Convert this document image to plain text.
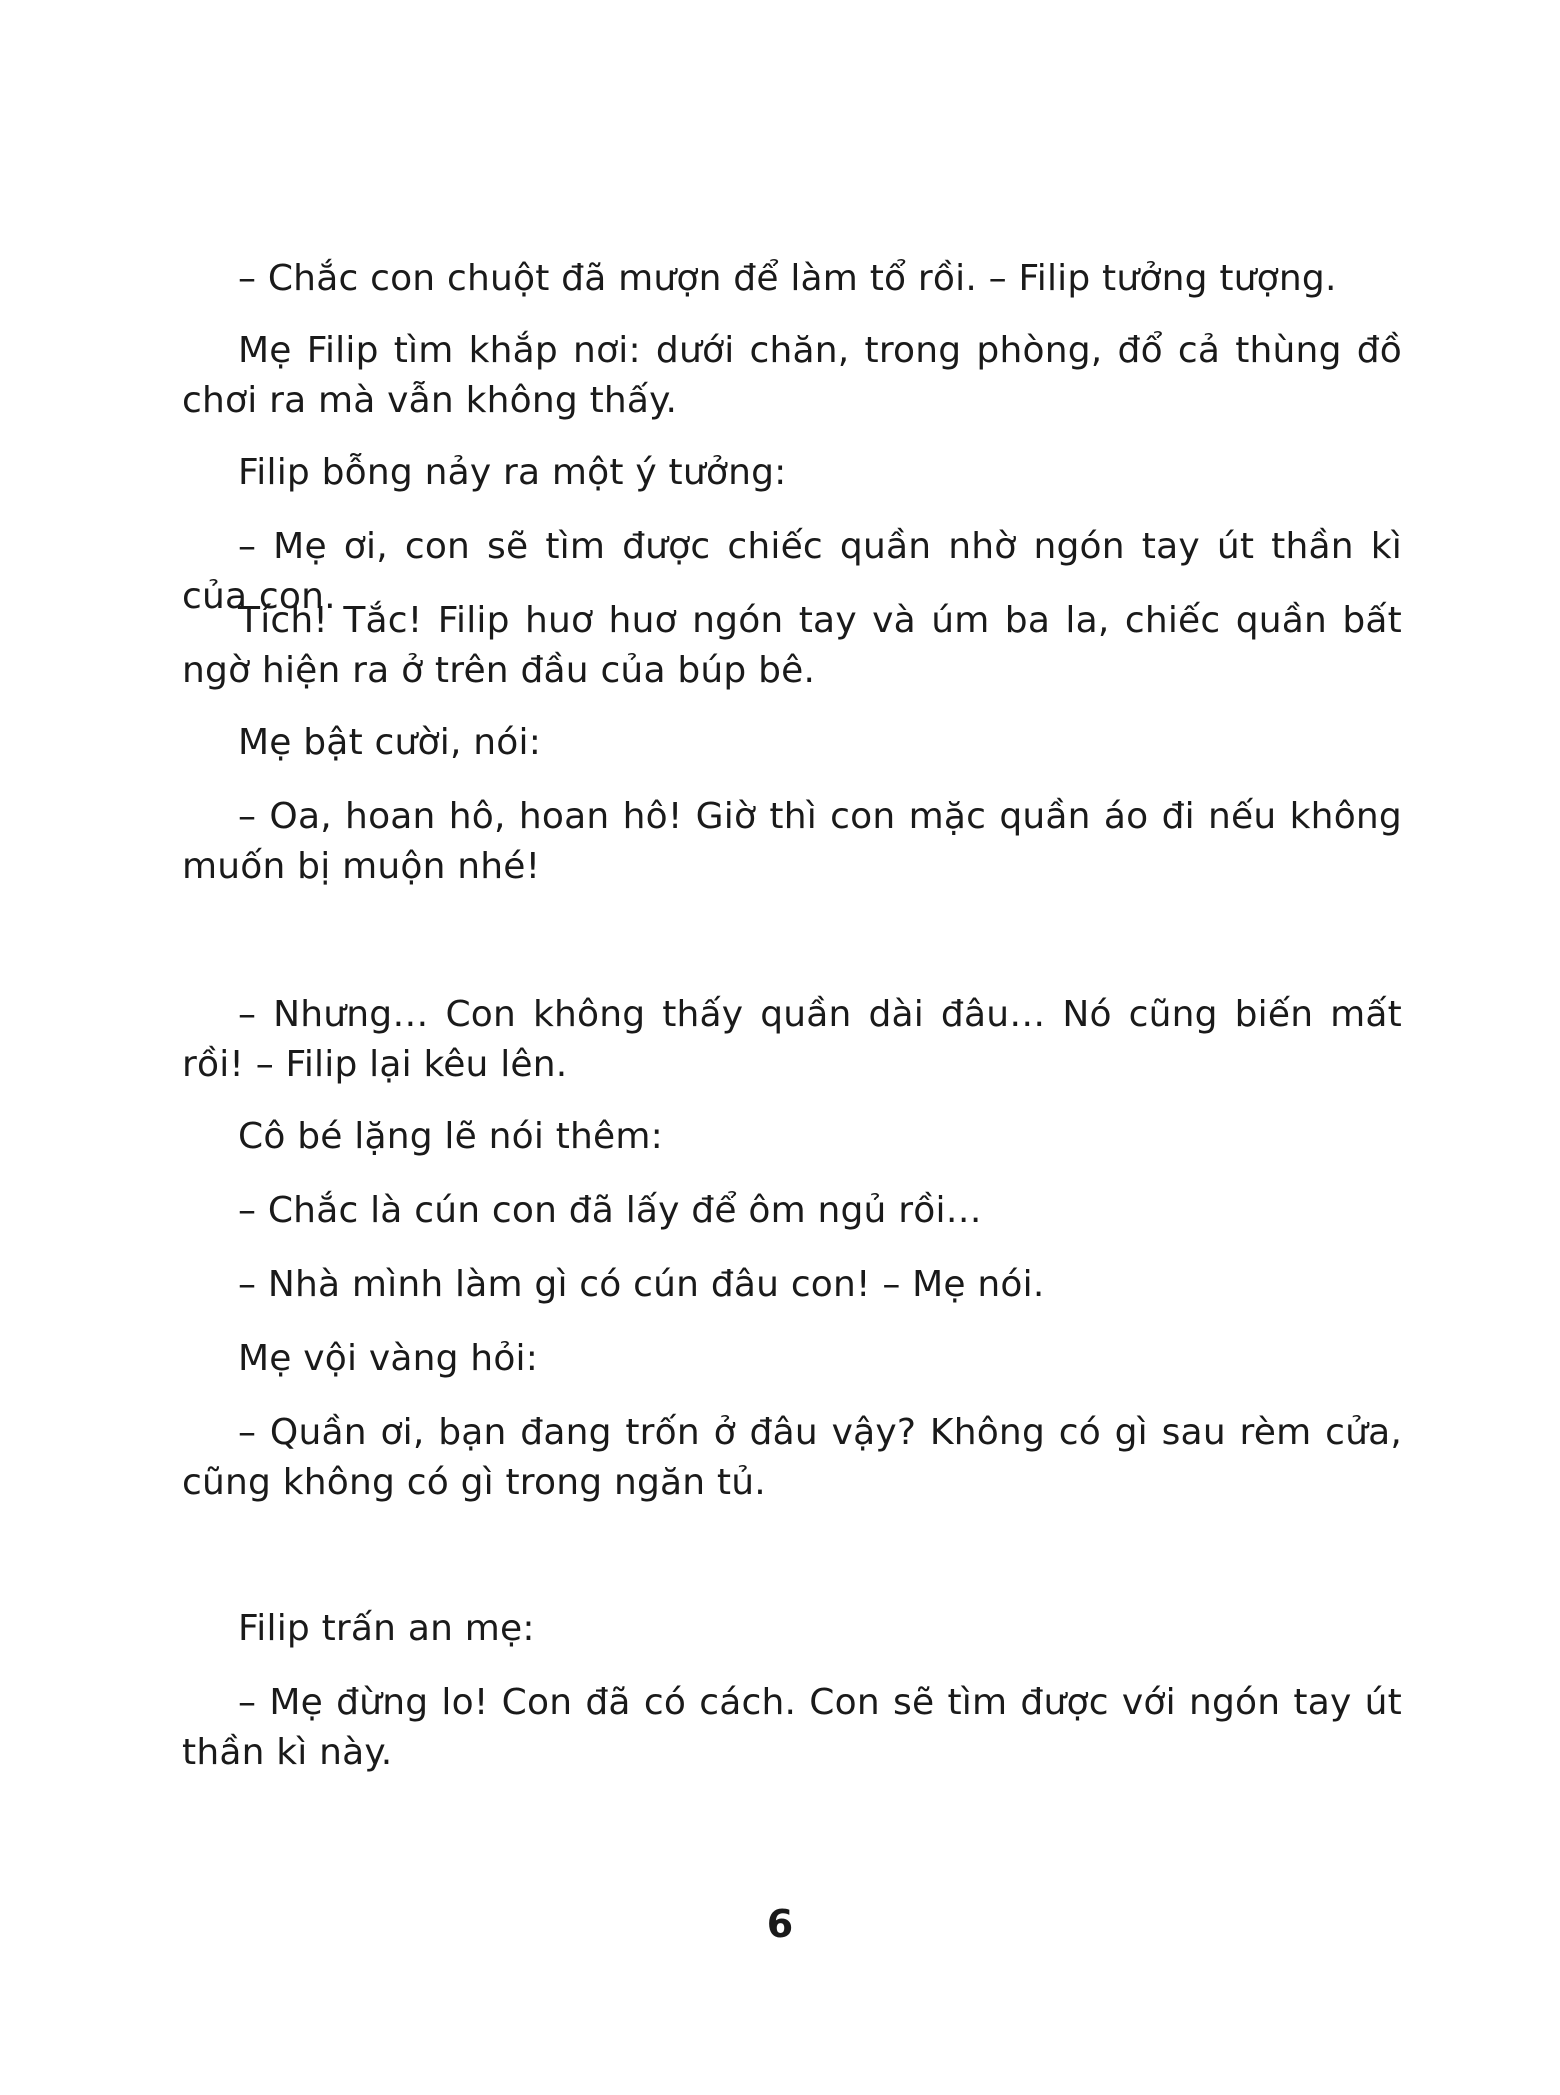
– Chắc con chuột đã mượn để làm tổ rồi. – Filip tưởng tượng.

Mẹ Filip tìm khắp nơi: dưới chăn, trong phòng, đổ cả thùng đồ chơi ra mà vẫn không thấy.

Filip bỗng nảy ra một ý tưởng:

– Mẹ ơi, con sẽ tìm được chiếc quần nhờ ngón tay út thần kì của con.

Tích! Tắc! Filip huơ huơ ngón tay và úm ba la, chiếc quần bất ngờ hiện ra ở trên đầu của búp bê.

Mẹ bật cười, nói:

– Oa, hoan hô, hoan hô! Giờ thì con mặc quần áo đi nếu không muốn bị muộn nhé!

– Nhưng… Con không thấy quần dài đâu… Nó cũng biến mất rồi! – Filip lại kêu lên.

Cô bé lặng lẽ nói thêm:

– Chắc là cún con đã lấy để ôm ngủ rồi…

– Nhà mình làm gì có cún đâu con! – Mẹ nói.

Mẹ vội vàng hỏi:

– Quần ơi, bạn đang trốn ở đâu vậy? Không có gì sau rèm cửa, cũng không có gì trong ngăn tủ.

Filip trấn an mẹ:

– Mẹ đừng lo! Con đã có cách. Con sẽ tìm được với ngón tay út thần kì này.

6
